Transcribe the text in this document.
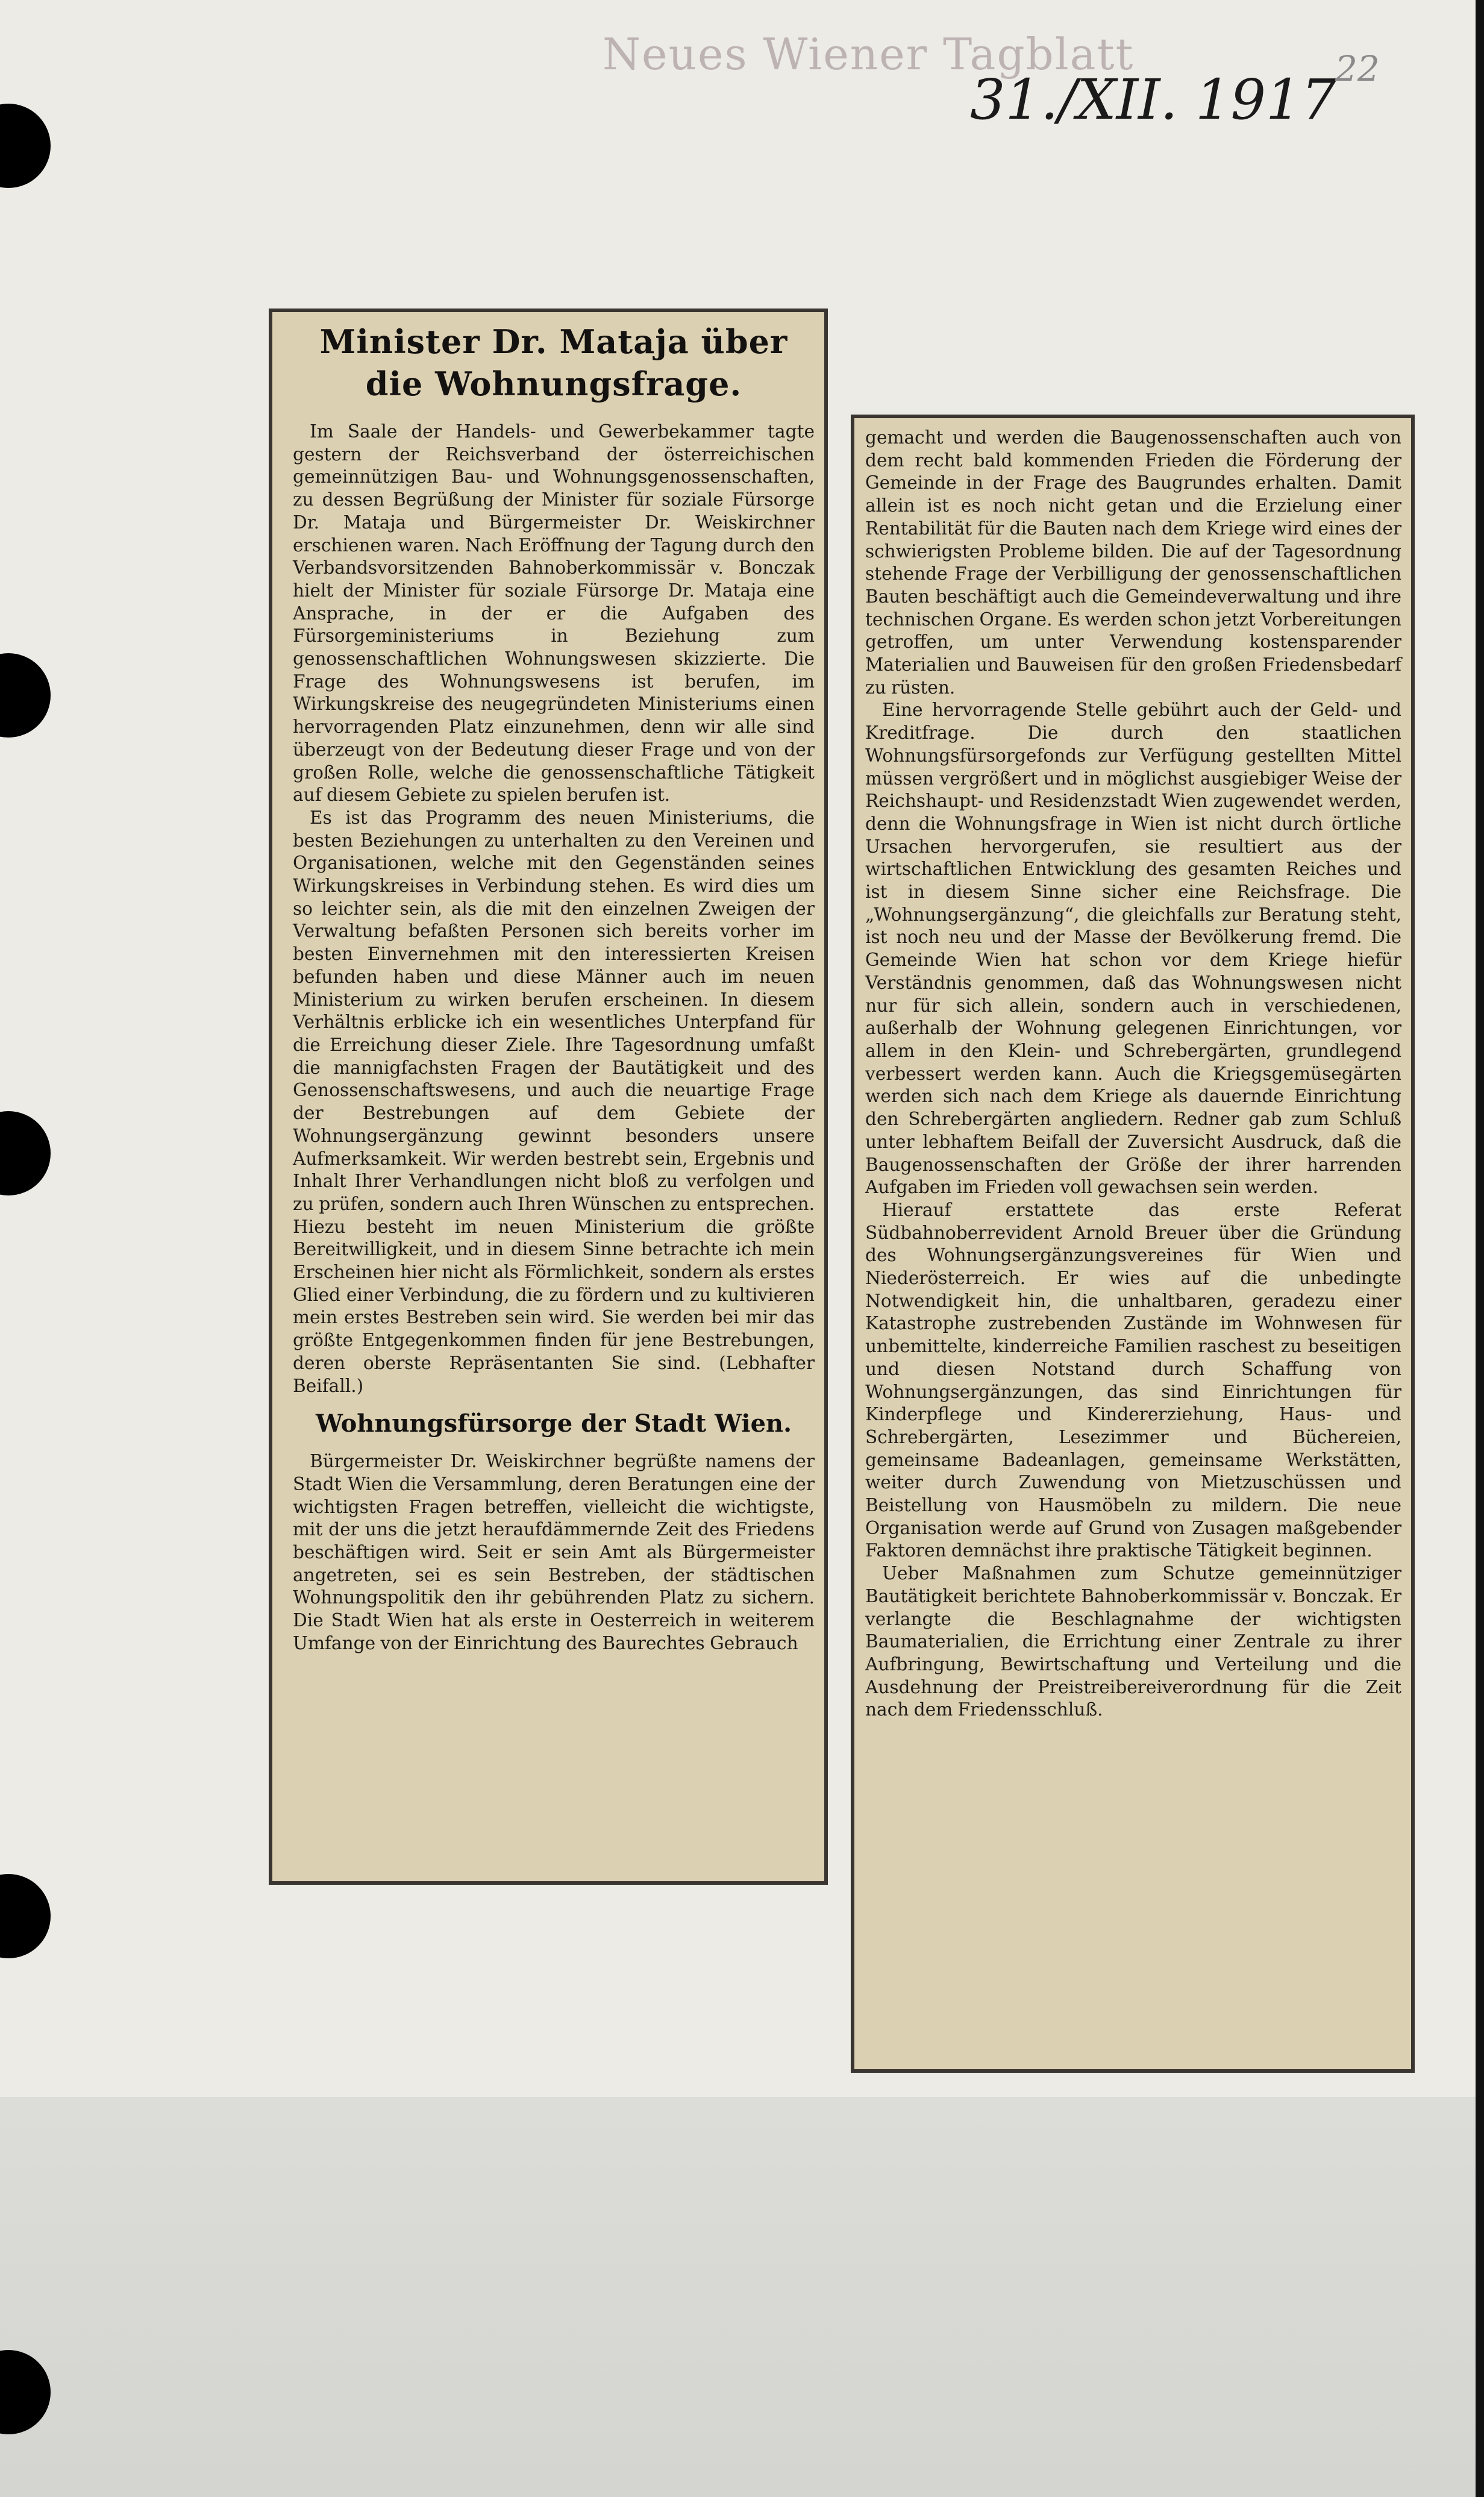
Neues Wiener Tagblatt
31./XII. 1917
22
Minister Dr. Mataja über die Wohnungsfrage.

Im Saale der Handels- und Gewerbekammer tagte gestern der Reichsverband der österreichischen gemeinnützigen Bau- und Wohnungsgenossenschaften, zu dessen Begrüßung der Minister für soziale Fürsorge Dr. Mataja und Bürgermeister Dr. Weiskirchner erschienen waren. Nach Eröffnung der Tagung durch den Verbandsvorsitzenden Bahnoberkommissär v. Bonczak hielt der Minister für soziale Fürsorge Dr. Mataja eine Ansprache, in der er die Aufgaben des Fürsorgeministeriums in Beziehung zum genossenschaftlichen Wohnungswesen skizzierte. Die Frage des Wohnungswesens ist berufen, im Wirkungskreise des neugegründeten Ministeriums einen hervorragenden Platz einzunehmen, denn wir alle sind überzeugt von der Bedeutung dieser Frage und von der großen Rolle, welche die genossenschaftliche Tätigkeit auf diesem Gebiete zu spielen berufen ist.

Es ist das Programm des neuen Ministeriums, die besten Beziehungen zu unterhalten zu den Vereinen und Organisationen, welche mit den Gegenständen seines Wirkungskreises in Verbindung stehen. Es wird dies um so leichter sein, als die mit den einzelnen Zweigen der Verwaltung befaßten Personen sich bereits vorher im besten Einvernehmen mit den interessierten Kreisen befunden haben und diese Männer auch im neuen Ministerium zu wirken berufen erscheinen. In diesem Verhältnis erblicke ich ein wesentliches Unterpfand für die Erreichung dieser Ziele. Ihre Tagesordnung umfaßt die mannigfachsten Fragen der Bautätigkeit und des Genossenschaftswesens, und auch die neuartige Frage der Bestrebungen auf dem Gebiete der Wohnungsergänzung gewinnt besonders unsere Aufmerksamkeit. Wir werden bestrebt sein, Ergebnis und Inhalt Ihrer Verhandlungen nicht bloß zu verfolgen und zu prüfen, sondern auch Ihren Wünschen zu entsprechen. Hiezu besteht im neuen Ministerium die größte Bereitwilligkeit, und in diesem Sinne betrachte ich mein Erscheinen hier nicht als Förmlichkeit, sondern als erstes Glied einer Verbindung, die zu fördern und zu kultivieren mein erstes Bestreben sein wird. Sie werden bei mir das größte Entgegenkommen finden für jene Bestrebungen, deren oberste Repräsentanten Sie sind. (Lebhafter Beifall.)

Wohnungsfürsorge der Stadt Wien.

Bürgermeister Dr. Weiskirchner begrüßte namens der Stadt Wien die Versammlung, deren Beratungen eine der wichtigsten Fragen betreffen, vielleicht die wichtigste, mit der uns die jetzt heraufdämmernde Zeit des Friedens beschäftigen wird. Seit er sein Amt als Bürgermeister angetreten, sei es sein Bestreben, der städtischen Wohnungspolitik den ihr gebührenden Platz zu sichern. Die Stadt Wien hat als erste in Oesterreich in weiterem Umfange von der Einrichtung des Baurechtes Gebrauch

gemacht und werden die Baugenossenschaften auch von dem recht bald kommenden Frieden die Förderung der Gemeinde in der Frage des Baugrundes erhalten. Damit allein ist es noch nicht getan und die Erzielung einer Rentabilität für die Bauten nach dem Kriege wird eines der schwierigsten Probleme bilden. Die auf der Tagesordnung stehende Frage der Verbilligung der genossenschaftlichen Bauten beschäftigt auch die Gemeindeverwaltung und ihre technischen Organe. Es werden schon jetzt Vorbereitungen getroffen, um unter Verwendung kostensparender Materialien und Bauweisen für den großen Friedensbedarf zu rüsten.

Eine hervorragende Stelle gebührt auch der Geld- und Kreditfrage. Die durch den staatlichen Wohnungsfürsorgefonds zur Verfügung gestellten Mittel müssen vergrößert und in möglichst ausgiebiger Weise der Reichshaupt- und Residenzstadt Wien zugewendet werden, denn die Wohnungsfrage in Wien ist nicht durch örtliche Ursachen hervorgerufen, sie resultiert aus der wirtschaftlichen Entwicklung des gesamten Reiches und ist in diesem Sinne sicher eine Reichsfrage. Die „Wohnungsergänzung“, die gleichfalls zur Beratung steht, ist noch neu und der Masse der Bevölkerung fremd. Die Gemeinde Wien hat schon vor dem Kriege hiefür Verständnis genommen, daß das Wohnungswesen nicht nur für sich allein, sondern auch in verschiedenen, außerhalb der Wohnung gelegenen Einrichtungen, vor allem in den Klein- und Schrebergärten, grundlegend verbessert werden kann. Auch die Kriegsgemüsegärten werden sich nach dem Kriege als dauernde Einrichtung den Schrebergärten angliedern. Redner gab zum Schluß unter lebhaftem Beifall der Zuversicht Ausdruck, daß die Baugenossenschaften der Größe der ihrer harrenden Aufgaben im Frieden voll gewachsen sein werden.

Hierauf erstattete das erste Referat Südbahnoberrevident Arnold Breuer über die Gründung des Wohnungsergänzungsvereines für Wien und Niederösterreich. Er wies auf die unbedingte Notwendigkeit hin, die unhaltbaren, geradezu einer Katastrophe zustrebenden Zustände im Wohnwesen für unbemittelte, kinderreiche Familien raschest zu beseitigen und diesen Notstand durch Schaffung von Wohnungsergänzungen, das sind Einrichtungen für Kinderpflege und Kindererziehung, Haus- und Schrebergärten, Lesezimmer und Büchereien, gemeinsame Badeanlagen, gemeinsame Werkstätten, weiter durch Zuwendung von Mietzuschüssen und Beistellung von Hausmöbeln zu mildern. Die neue Organisation werde auf Grund von Zusagen maßgebender Faktoren demnächst ihre praktische Tätigkeit beginnen.

Ueber Maßnahmen zum Schutze gemeinnütziger Bautätigkeit berichtete Bahnoberkommissär v. Bonczak. Er verlangte die Beschlagnahme der wichtigsten Baumaterialien, die Errichtung einer Zentrale zu ihrer Aufbringung, Bewirtschaftung und Verteilung und die Ausdehnung der Preistreibereiverordnung für die Zeit nach dem Friedensschluß.
